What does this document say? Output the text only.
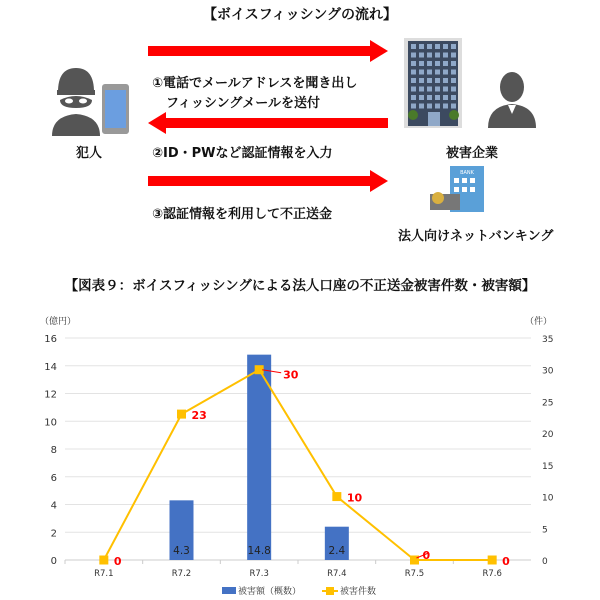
【ボイスフィッシングの流れ】
犯人
①電話でメールアドレスを聞き出し
フィッシングメールを送付
②ID・PWなど認証情報を入力
③認証情報を利用して不正送金
被害企業
BANK
法人向けネットバンキング
【図表９：ボイスフィッシングによる法人口座の不正送金被害件数・被害額】
0
2
4
6
8
10
12
14
16
0
5
10
15
20
25
30
35
（億円）	（件）
R7.1	R7.2	R7.3	R7.4	R7.5	R7.6
4.3	14.8	2.4
0
23
30
10
0	0
被害額（概数）	被害件数
